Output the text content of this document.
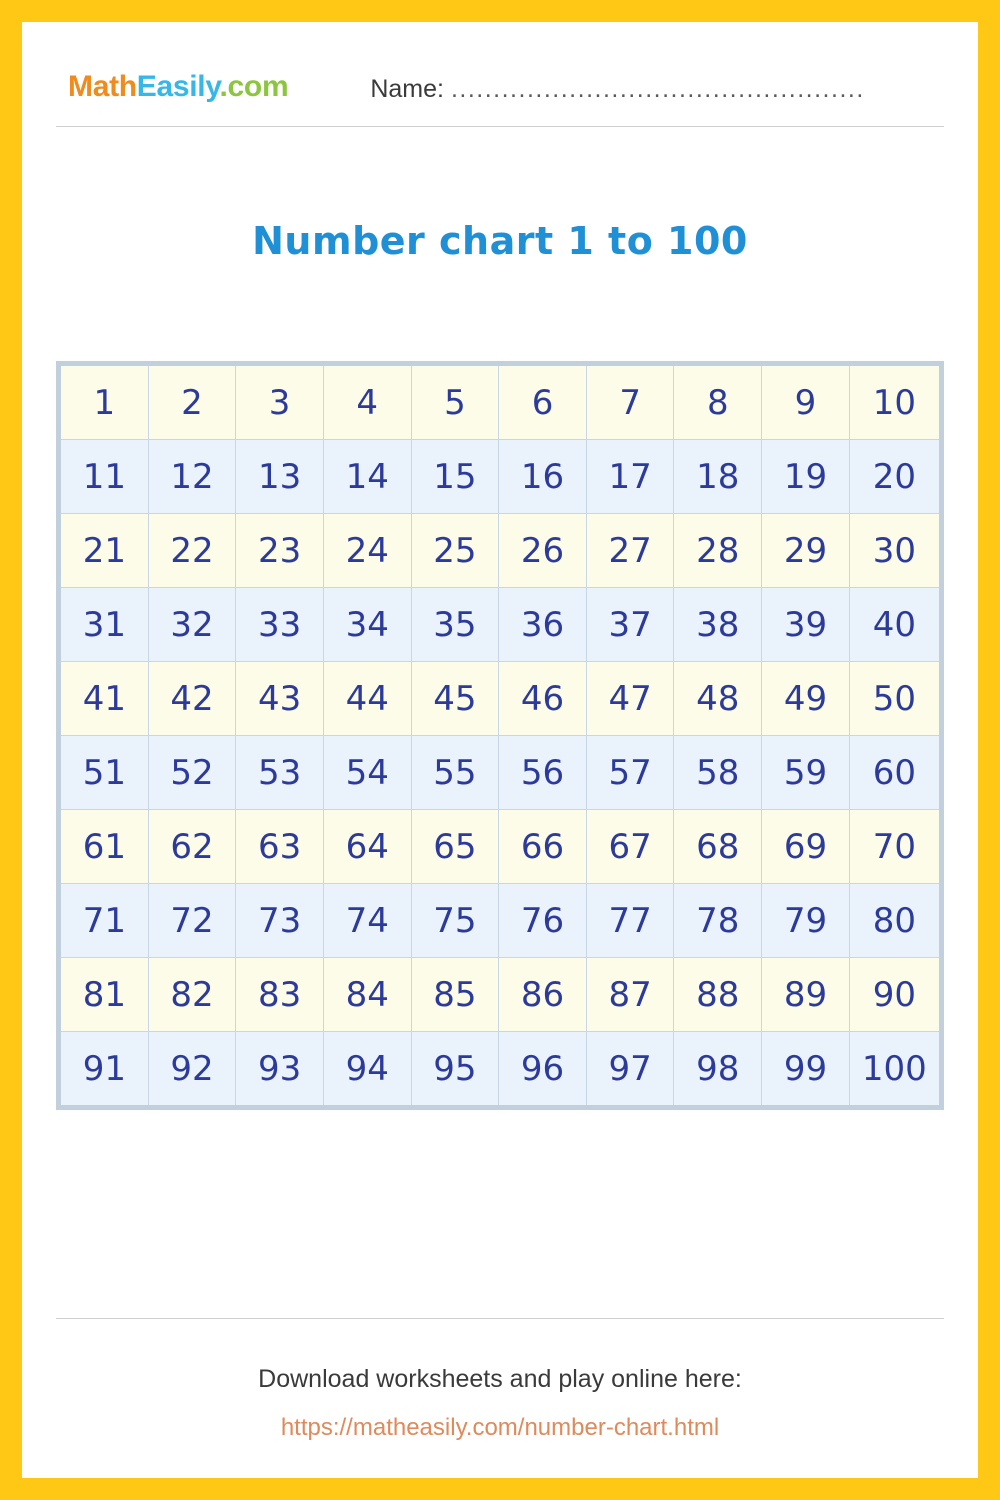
MathEasily.com	Name: .................................................
Number chart 1 to 100
1	2	3	4	5	6	7	8	9	10
11	12	13	14	15	16	17	18	19	20
21	22	23	24	25	26	27	28	29	30
31	32	33	34	35	36	37	38	39	40
41	42	43	44	45	46	47	48	49	50
51	52	53	54	55	56	57	58	59	60
61	62	63	64	65	66	67	68	69	70
71	72	73	74	75	76	77	78	79	80
81	82	83	84	85	86	87	88	89	90
91	92	93	94	95	96	97	98	99	100
Download worksheets and play online here:
https://matheasily.com/number-chart.html
